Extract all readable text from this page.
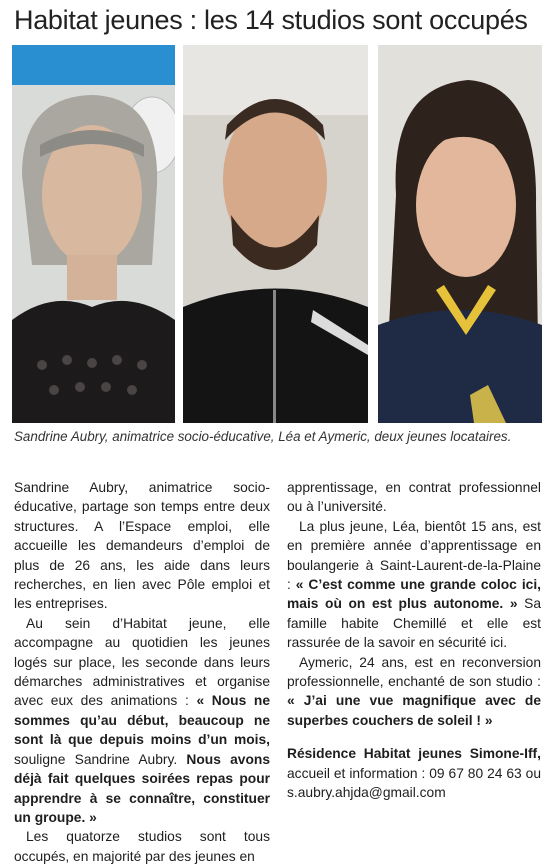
Habitat jeunes : les 14 studios sont occupés
Sandrine Aubry, animatrice socio-éducative, Léa et Aymeric, deux jeunes locataires.

Sandrine Aubry, animatrice socio-éducative, partage son temps entre deux structures. A l’Espace emploi, elle accueille les demandeurs d’emploi de plus de 26 ans, les aide dans leurs recherches, en lien avec Pôle emploi et les entreprises.

Au sein d’Habitat jeune, elle accompagne au quotidien les jeunes logés sur place, les seconde dans leurs démarches administratives et organise avec eux des animations : « Nous ne sommes qu’au début, beaucoup ne sont là que depuis moins d’un mois, souligne Sandrine Aubry. Nous avons déjà fait quelques soirées repas pour apprendre à se connaître, constituer un groupe. »

Les quatorze studios sont tous occupés, en majorité par des jeunes en

apprentissage, en contrat professionnel ou à l’université.

La plus jeune, Léa, bientôt 15 ans, est en première année d’apprentissage en boulangerie à Saint-Laurent-de-la-Plaine : « C’est comme une grande coloc ici, mais où on est plus autonome. » Sa famille habite Chemillé et elle est rassurée de la savoir en sécurité ici.

Aymeric, 24 ans, est en reconversion professionnelle, enchanté de son studio : « J’ai une vue magnifique avec de superbes couchers de soleil ! »

Résidence Habitat jeunes Simone-Iff, accueil et information : 09 67 80 24 63 ou s.aubry.ahjda@gmail.com
